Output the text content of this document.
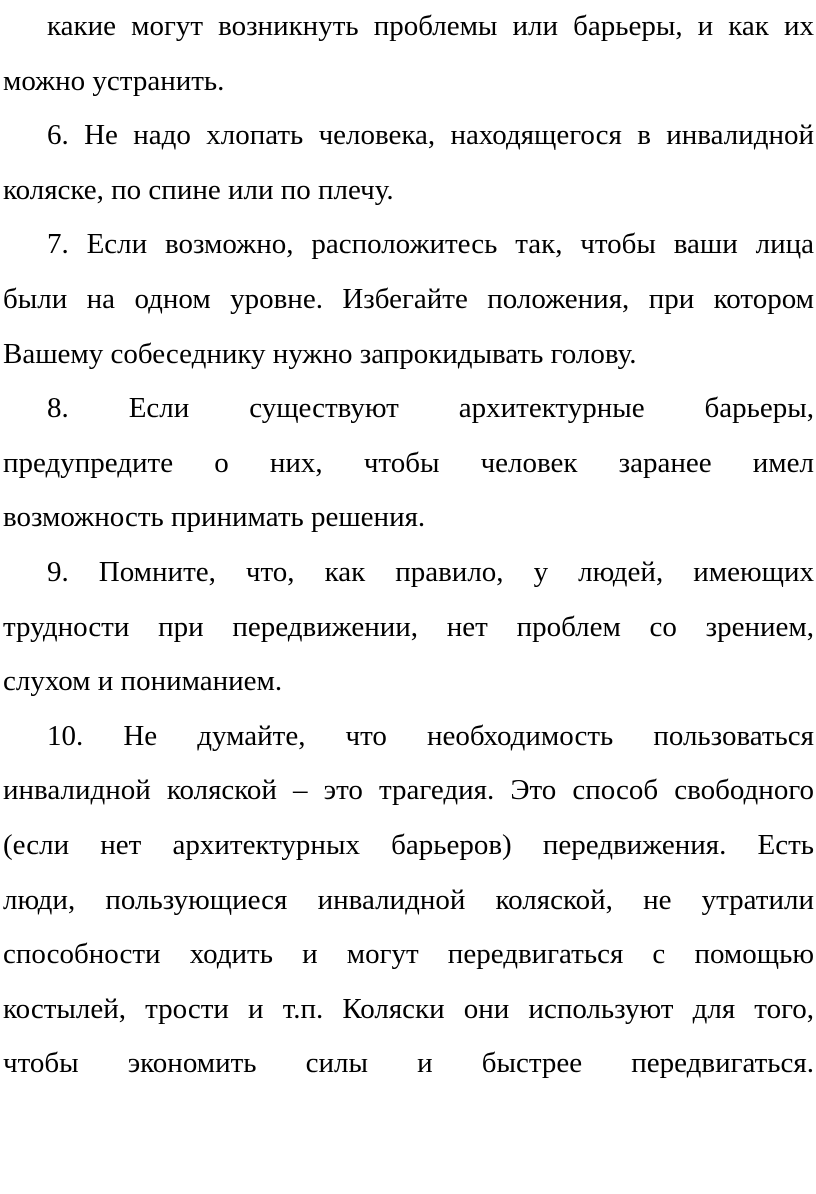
какие могут возникнуть проблемы или барьеры, и как их
можно устранить.
6. Не надо хлопать человека, находящегося в инвалидной
коляске, по спине или по плечу.
7. Если возможно, расположитесь так, чтобы ваши лица
были на одном уровне. Избегайте положения, при котором
Вашему собеседнику нужно запрокидывать голову.
8. Если существуют архитектурные барьеры,
предупредите о них, чтобы человек заранее имел
возможность принимать решения.
9. Помните, что, как правило, у людей, имеющих
трудности при передвижении, нет проблем со зрением,
слухом и пониманием.
10. Не думайте, что необходимость пользоваться
инвалидной коляской – это трагедия. Это способ свободного
(если нет архитектурных барьеров) передвижения. Есть
люди, пользующиеся инвалидной коляской, не утратили
способности ходить и могут передвигаться с помощью
костылей, трости и т.п. Коляски они используют для того,
чтобы экономить силы и быстрее передвигаться.
